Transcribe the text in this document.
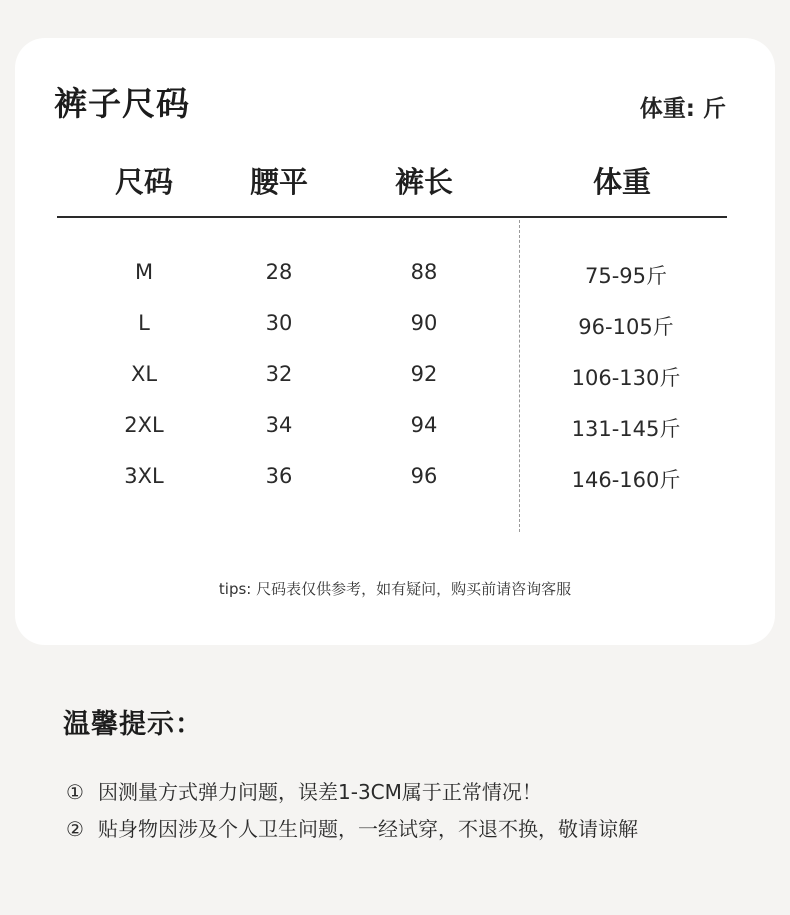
裤子尺码	体重: 斤
尺码	腰平	裤长	体重
M	28	88	75-95斤
L	30	90	96-105斤
XL	32	92	106-130斤
2XL	34	94	131-145斤
3XL	36	96	146-160斤
tips: 尺码表仅供参考，如有疑问，购买前请咨询客服
温馨提示：
① 因测量方式弹力问题，误差1-3CM属于正常情况！
② 贴身物因涉及个人卫生问题，一经试穿，不退不换，敬请谅解
